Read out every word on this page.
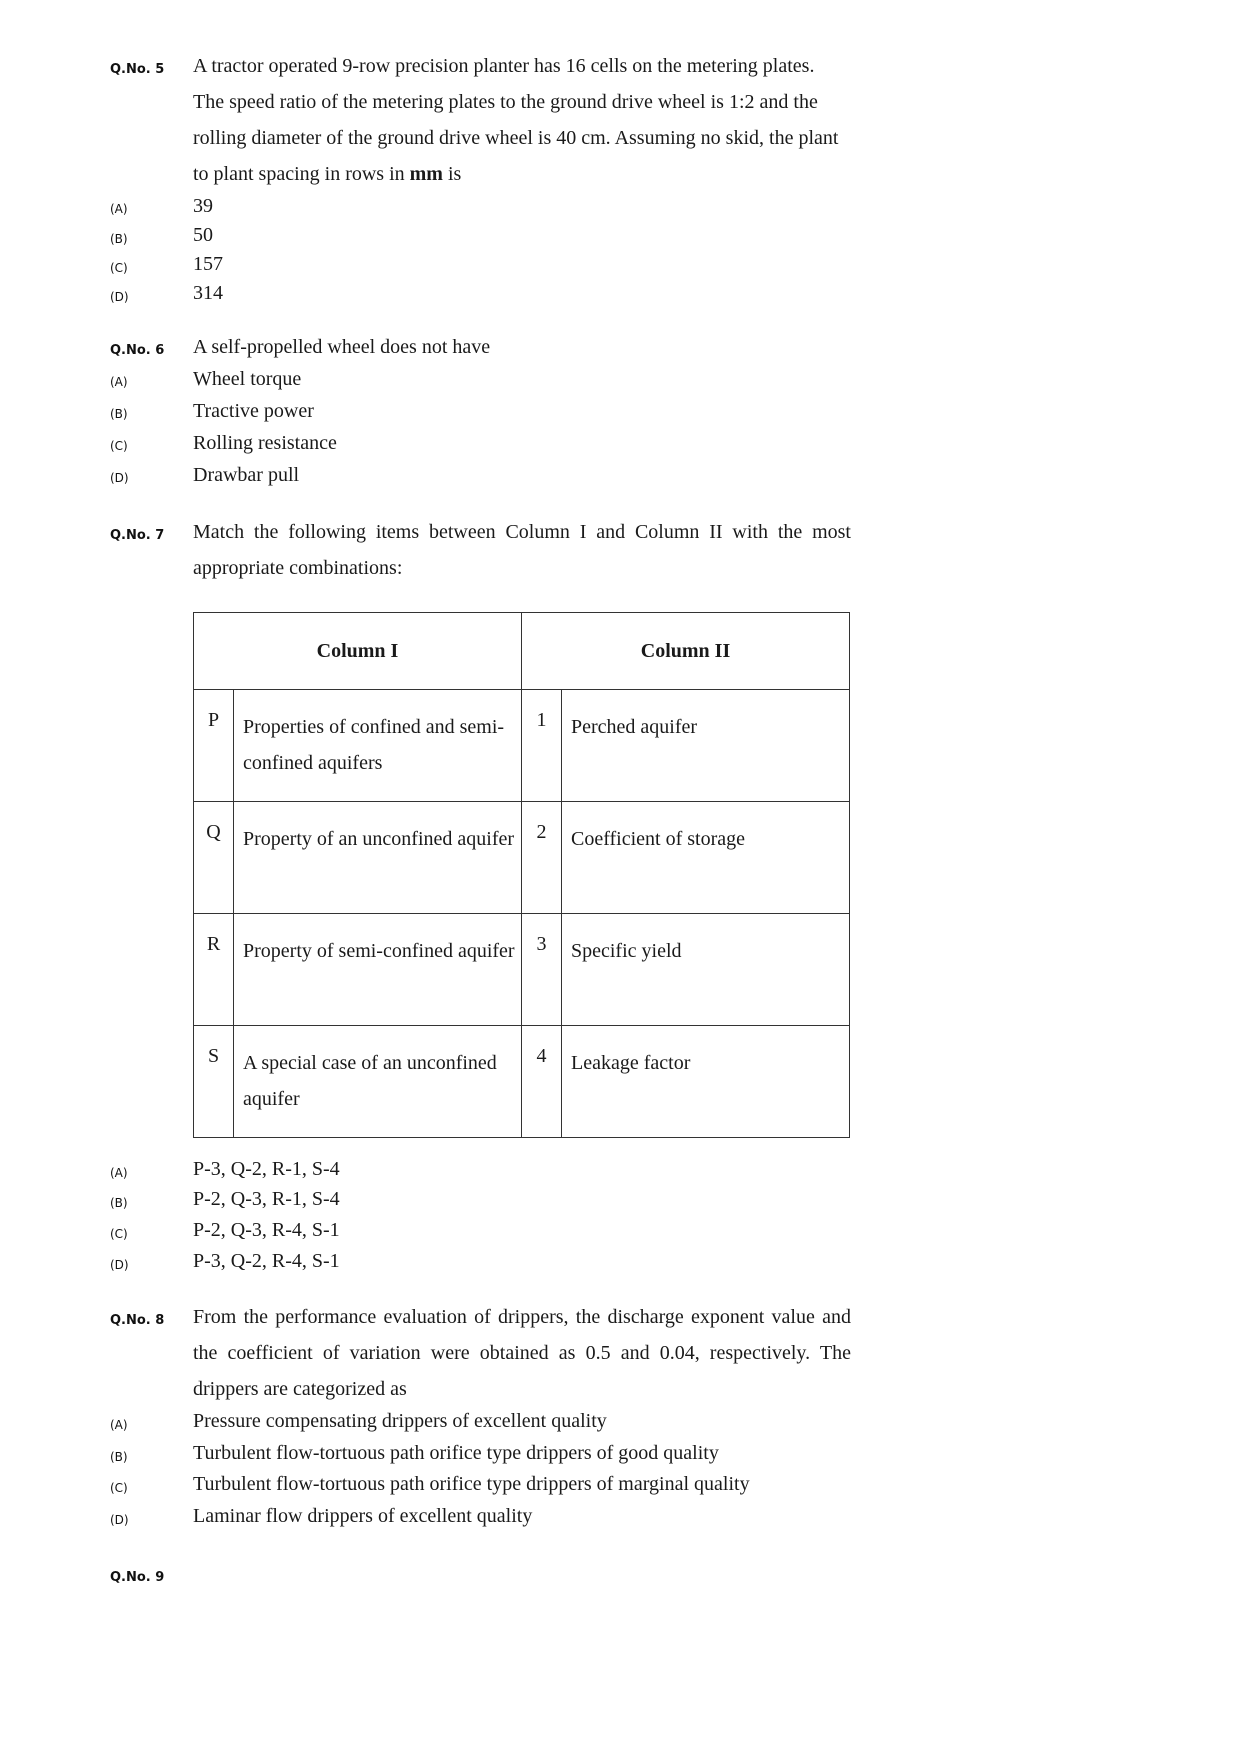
Q.No. 5 A tractor operated 9-row precision planter has 16 cells on the metering plates.
The speed ratio of the metering plates to the ground drive wheel is 1:2 and the
rolling diameter of the ground drive wheel is 40 cm. Assuming no skid, the plant
to plant spacing in rows in mm is
(A)	39
(B)	50
(C)	157
(D)	314
Q.No. 6 A self-propelled wheel does not have
(A)	Wheel torque
(B)	Tractive power
(C)	Rolling resistance
(D)	Drawbar pull
Q.No. 7 Match the following items between Column I and Column II with the most appropriate combinations:
Column I		Column II	
P	Properties of confined and semi-confined aquifers	1	Perched aquifer
Q	Property of an unconfined aquifer	2	Coefficient of storage
R	Property of semi-confined aquifer	3	Specific yield
S	A special case of an unconfined aquifer	4	Leakage factor
(A)	P-3, Q-2, R-1, S-4
(B)	P-2, Q-3, R-1, S-4
(C)	P-2, Q-3, R-4, S-1
(D)	P-3, Q-2, R-4, S-1
Q.No. 8 From the performance evaluation of drippers, the discharge exponent value and the coefficient of variation were obtained as 0.5 and 0.04, respectively. The drippers are categorized as
(A)	Pressure compensating drippers of excellent quality
(B)	Turbulent flow-tortuous path orifice type drippers of good quality
(C)	Turbulent flow-tortuous path orifice type drippers of marginal quality
(D)	Laminar flow drippers of excellent quality
Q.No. 9
